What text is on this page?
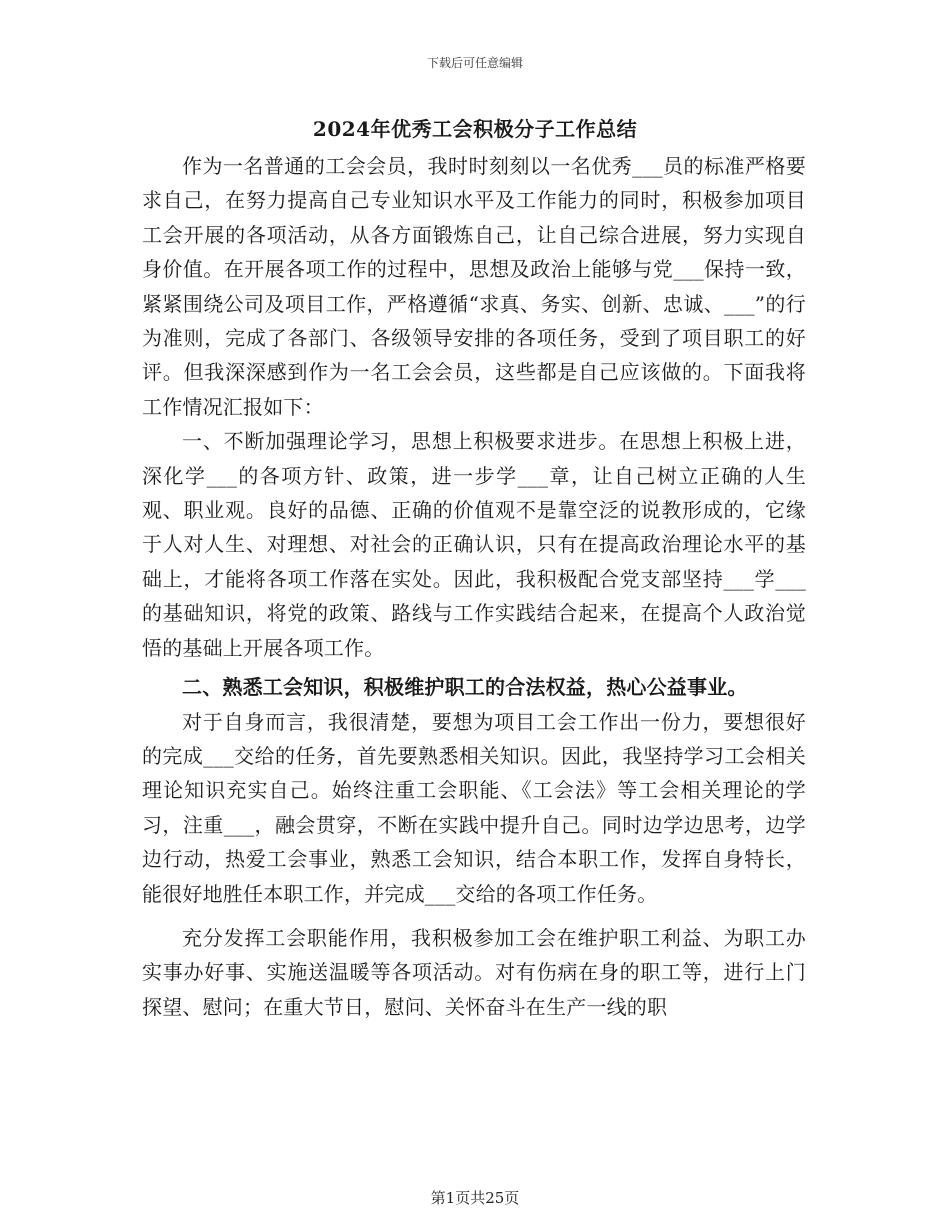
下载后可任意编辑
2024年优秀工会积极分子工作总结

作为一名普通的工会会员，我时时刻刻以一名优秀___员的标准严格要求自己，在努力提高自己专业知识水平及工作能力的同时，积极参加项目工会开展的各项活动，从各方面锻炼自己，让自己综合进展，努力实现自身价值。在开展各项工作的过程中，思想及政治上能够与党___保持一致，紧紧围绕公司及项目工作，严格遵循“求真、务实、创新、忠诚、___”的行为准则，完成了各部门、各级领导安排的各项任务，受到了项目职工的好评。但我深深感到作为一名工会会员，这些都是自己应该做的。下面我将工作情况汇报如下：

一、不断加强理论学习，思想上积极要求进步。在思想上积极上进，深化学___的各项方针、政策，进一步学___章，让自己树立正确的人生观、职业观。良好的品德、正确的价值观不是靠空泛的说教形成的，它缘于人对人生、对理想、对社会的正确认识，只有在提高政治理论水平的基础上，才能将各项工作落在实处。因此，我积极配合党支部坚持___学___的基础知识，将党的政策、路线与工作实践结合起来，在提高个人政治觉悟的基础上开展各项工作。

二、熟悉工会知识，积极维护职工的合法权益，热心公益事业。

对于自身而言，我很清楚，要想为项目工会工作出一份力，要想很好的完成___交给的任务，首先要熟悉相关知识。因此，我坚持学习工会相关理论知识充实自己。始终注重工会职能、《工会法》等工会相关理论的学习，注重___，融会贯穿，不断在实践中提升自己。同时边学边思考，边学边行动，热爱工会事业，熟悉工会知识，结合本职工作，发挥自身特长，能很好地胜任本职工作，并完成___交给的各项工作任务。

充分发挥工会职能作用，我积极参加工会在维护职工利益、为职工办实事办好事、实施送温暖等各项活动。对有伤病在身的职工等，进行上门探望、慰问；在重大节日，慰问、关怀奋斗在生产一线的职

第1页共25页
